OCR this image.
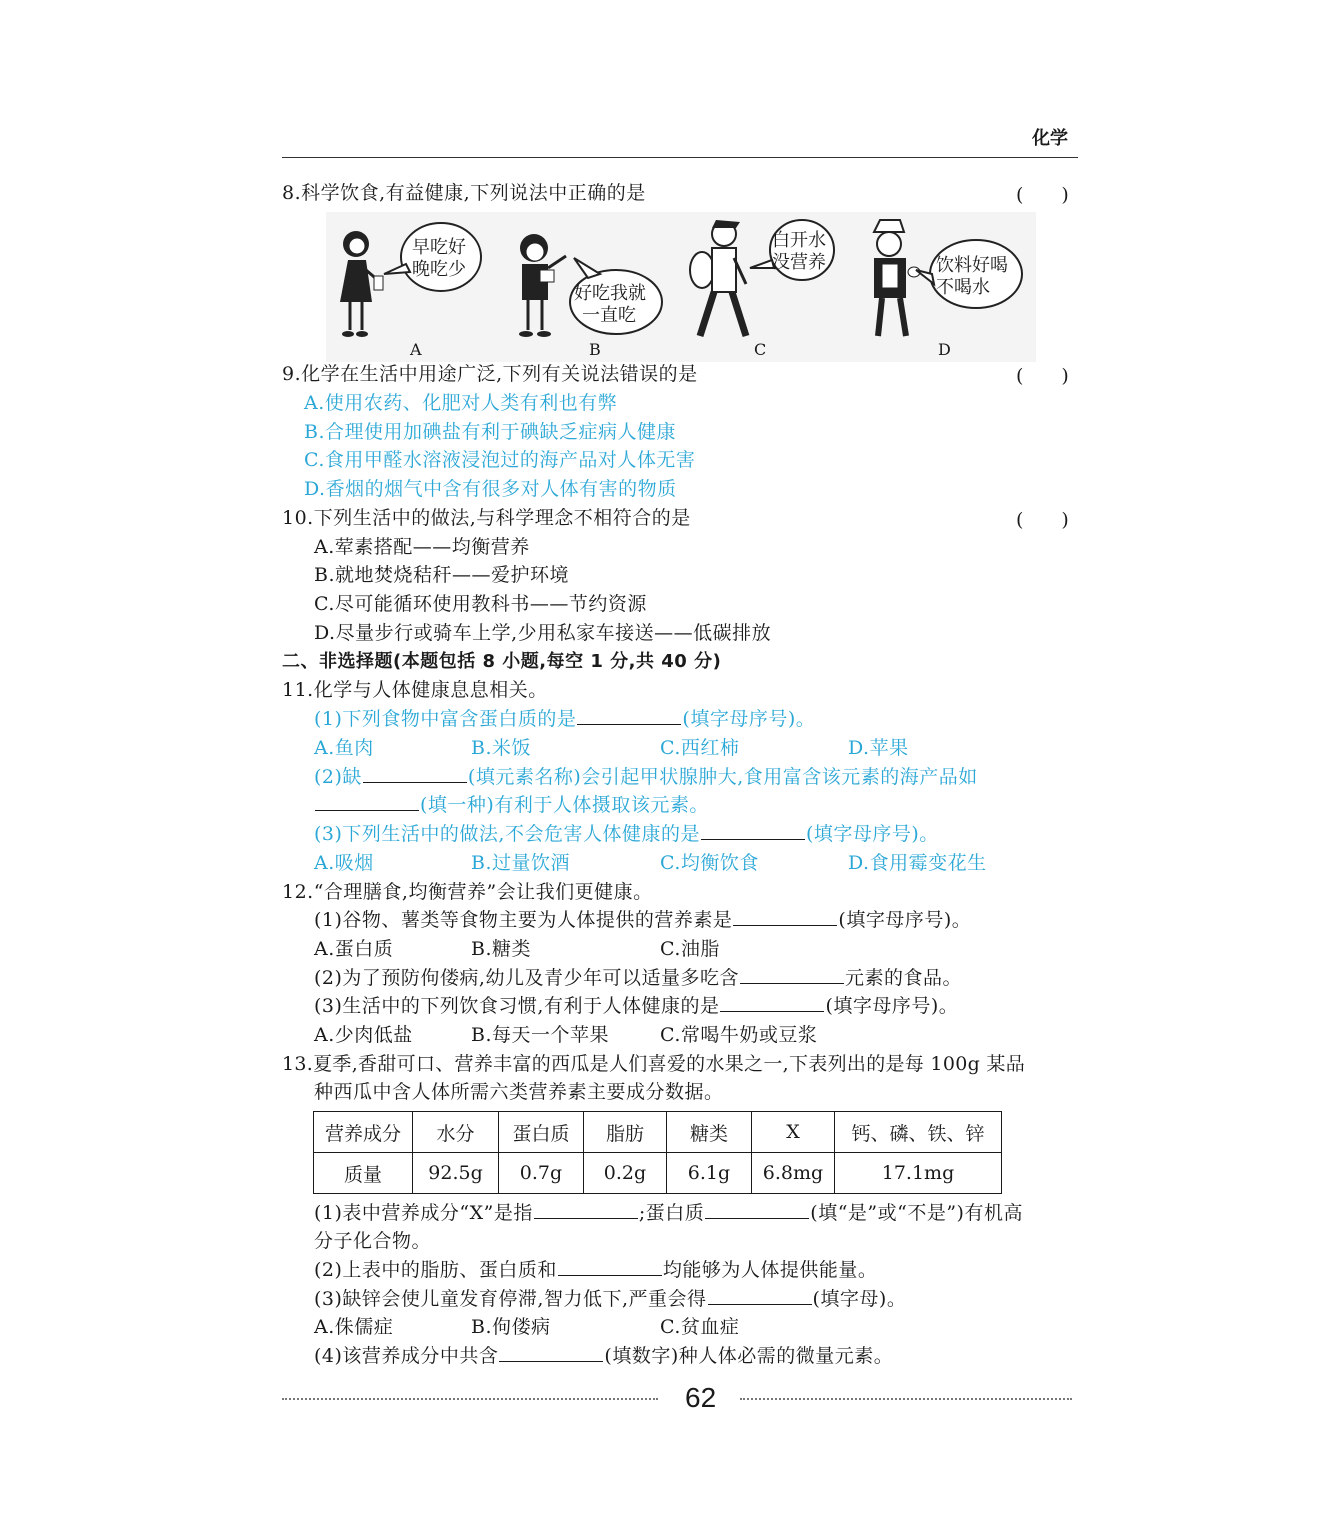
化学
8.科学饮食,有益健康,下列说法中正确的是	(　　)
早吃好
晚吃少
好吃我就
一直吃
白开水
没营养	饮料好喝
不喝水
A	B	C	D
9.化学在生活中用途广泛,下列有关说法错误的是	(　　)
A.使用农药、化肥对人类有利也有弊
B.合理使用加碘盐有利于碘缺乏症病人健康
C.食用甲醛水溶液浸泡过的海产品对人体无害
D.香烟的烟气中含有很多对人体有害的物质
10.下列生活中的做法,与科学理念不相符合的是	(　　)
A.荤素搭配——均衡营养
B.就地焚烧秸秆——爱护环境
C.尽可能循环使用教科书——节约资源
D.尽量步行或骑车上学,少用私家车接送——低碳排放
二、非选择题(本题包括 8 小题,每空 1 分,共 40 分)
11.化学与人体健康息息相关。
(1)下列食物中富含蛋白质的是	(填字母序号)。
A.鱼肉	B.米饭	C.西红柿	D.苹果
(2)缺	(填元素名称)会引起甲状腺肿大,食用富含该元素的海产品如
(填一种)有利于人体摄取该元素。
(3)下列生活中的做法,不会危害人体健康的是	(填字母序号)。
A.吸烟	B.过量饮酒	C.均衡饮食	D.食用霉变花生
12.“合理膳食,均衡营养”会让我们更健康。
(1)谷物、薯类等食物主要为人体提供的营养素是	(填字母序号)。
A.蛋白质	B.糖类	C.油脂
(2)为了预防佝偻病,幼儿及青少年可以适量多吃含	元素的食品。
(3)生活中的下列饮食习惯,有利于人体健康的是	(填字母序号)。
A.少肉低盐	B.每天一个苹果	C.常喝牛奶或豆浆
13.夏季,香甜可口、营养丰富的西瓜是人们喜爱的水果之一,下表列出的是每 100g 某品
种西瓜中含人体所需六类营养素主要成分数据。
营养成分	水分	蛋白质	脂肪	糖类	X	钙、磷、铁、锌
质量	92.5g	0.7g	0.2g	6.1g	6.8mg	17.1mg
(1)表中营养成分“X”是指	;蛋白质	(填“是”或“不是”)有机高
分子化合物。
(2)上表中的脂肪、蛋白质和	均能够为人体提供能量。
(3)缺锌会使儿童发育停滞,智力低下,严重会得	(填字母)。
A.侏儒症	B.佝偻病	C.贫血症
(4)该营养成分中共含	(填数字)种人体必需的微量元素。
62
